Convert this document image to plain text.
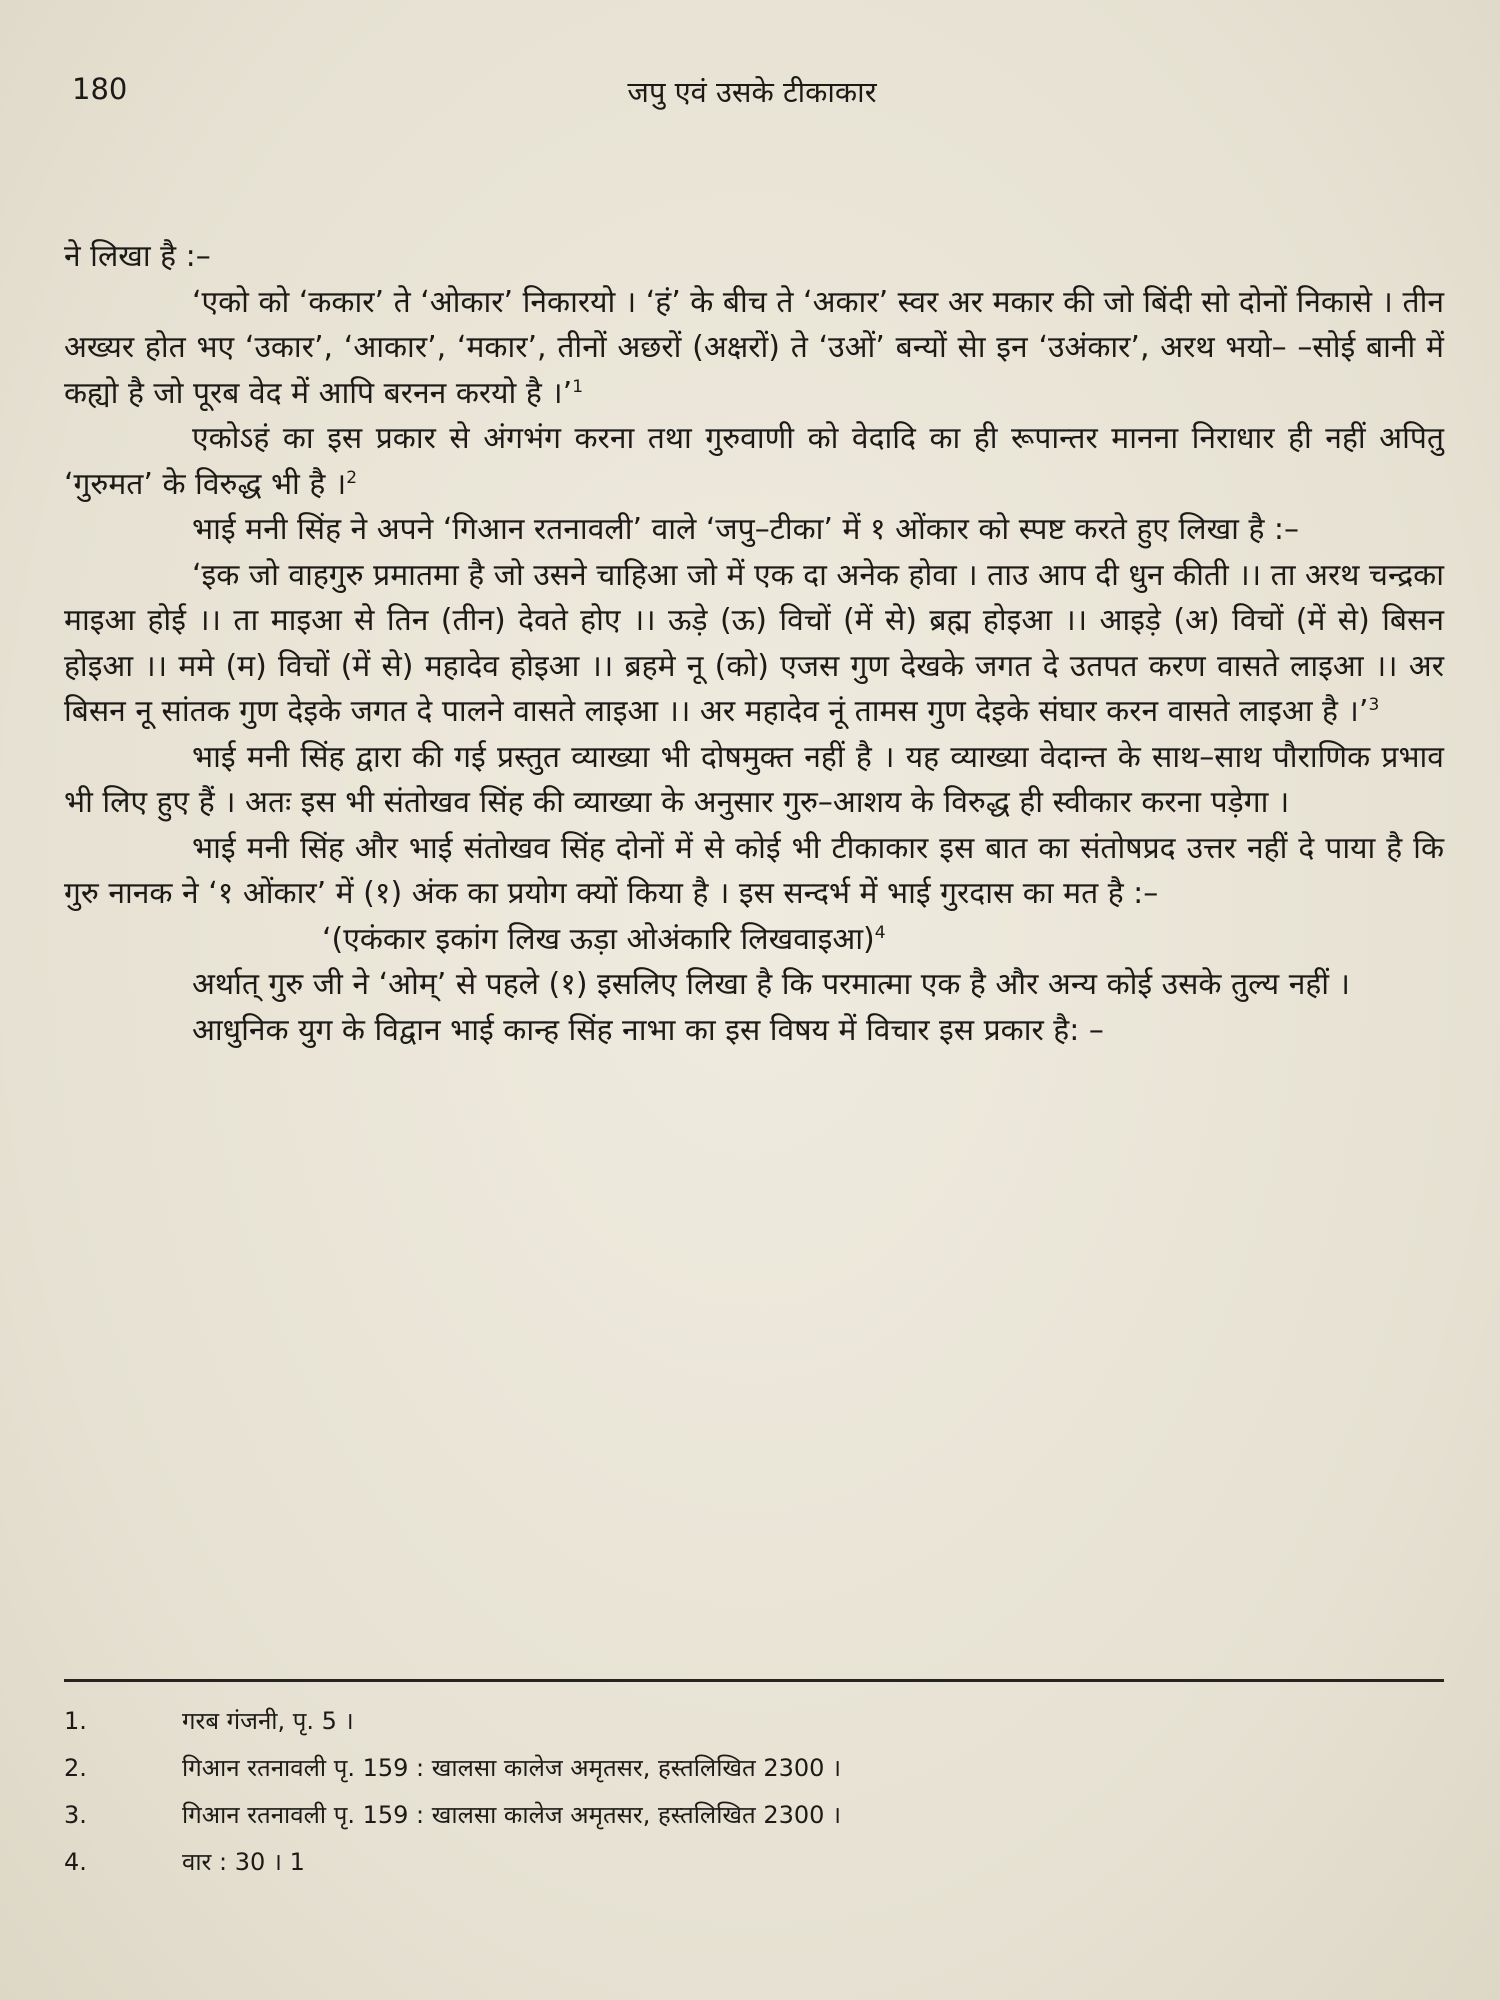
180	जपु एवं उसके टीकाकार

ने लिखा है :–

‘एको को ‘ककार’ ते ‘ओकार’ निकारयो । ‘हं’ के बीच ते ‘अकार’ स्वर अर मकार की जो बिंदी सो दोनों निकासे । तीन अख्यर होत भए ‘उकार’, ‘आकार’, ‘मकार’, तीनों अछरों (अक्षरों) ते ‘उओं’ बन्यों सेा इन ‘उअंकार’, अरथ भयो– –सोई बानी में कह्यो है जो पूरब वेद में आपि बरनन करयो है ।’$^1$

एकोऽहं का इस प्रकार से अंगभंग करना तथा गुरुवाणी को वेदादि का ही रूपान्तर मानना निराधार ही नहीं अपितु ‘गुरुमत’ के विरुद्ध भी है ।$^2$

भाई मनी सिंह ने अपने ‘गिआन रतनावली’ वाले ‘जपु–टीका’ में १ ओंकार को स्पष्ट करते हुए लिखा है :–

‘इक जो वाहगुरु प्रमातमा है जो उसने चाहिआ जो में एक दा अनेक होवा । ताउ आप दी धुन कीती ।। ता अरथ चन्द्रका माइआ होई ।। ता माइआ से तिन (तीन) देवते होए ।। ऊड़े (ऊ) विचों (में से) ब्रह्म होइआ ।। आइड़े (अ) विचों (में से) बिसन होइआ ।। ममे (म) विचों (में से) महादेव होइआ ।। ब्रहमे नू (को) एजस गुण देखके जगत दे उतपत करण वासते लाइआ ।। अर बिसन नू सांतक गुण देइके जगत दे पालने वासते लाइआ ।। अर महादेव नूं तामस गुण देइके संघार करन वासते लाइआ है ।’$^3$

भाई मनी सिंह द्वारा की गई प्रस्तुत व्याख्या भी दोषमुक्त नहीं है । यह व्याख्या वेदान्त के साथ–साथ पौराणिक प्रभाव भी लिए हुए हैं । अतः इस भी संतोखव सिंह की व्याख्या के अनुसार गुरु–आशय के विरुद्ध ही स्वीकार करना पड़ेगा ।

भाई मनी सिंह और भाई संतोखव सिंह दोनों में से कोई भी टीकाकार इस बात का संतोषप्रद उत्तर नहीं दे पाया है कि गुरु नानक ने ‘१ ओंकार’ में (१) अंक का प्रयोग क्यों किया है । इस सन्दर्भ में भाई गुरदास का मत है :–

‘(एकंकार इकांग लिख ऊड़ा ओअंकारि लिखवाइआ)$^4$

अर्थात् गुरु जी ने ‘ओम्’ से पहले (१) इसलिए लिखा है कि परमात्मा एक है और अन्य कोई उसके तुल्य नहीं ।

आधुनिक युग के विद्वान भाई कान्ह सिंह नाभा का इस विषय में विचार इस प्रकार है: –

1.	गरब गंजनी, पृ. 5 ।
2.	गिआन रतनावली पृ. 159 : खालसा कालेज अमृतसर, हस्तलिखित 2300 ।
3.	गिआन रतनावली पृ. 159 : खालसा कालेज अमृतसर, हस्तलिखित 2300 ।
4.	वार : 30 । 1
